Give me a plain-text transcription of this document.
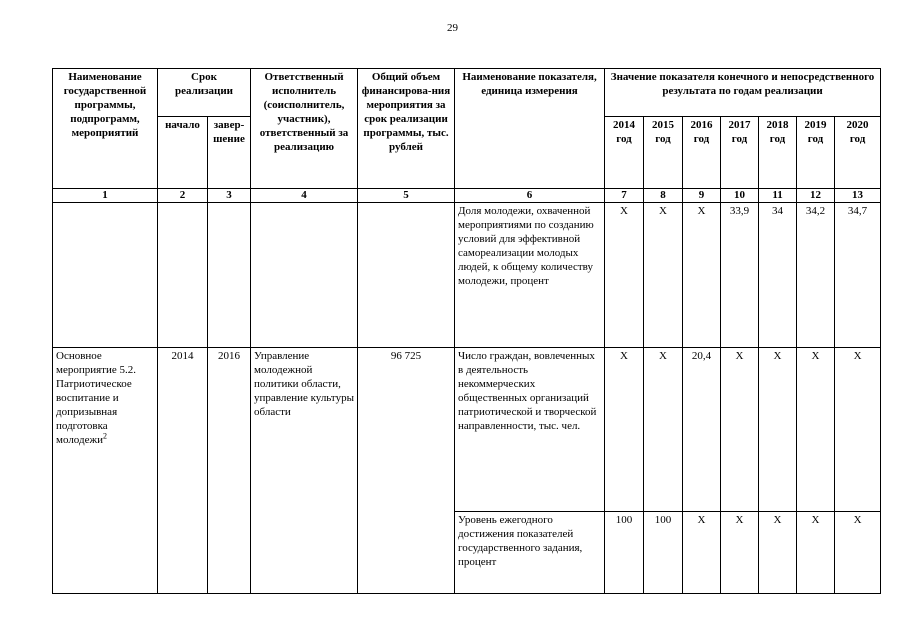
29
Наименование государственной программы, подпрограмм, мероприятий	Срок реализации		Ответственный исполнитель (соисполнитель, участник), ответственный за реализацию	Общий объем финансирова-ния мероприятия за срок реализации программы, тыс. рублей	Наименование показателя, единица измерения	Значение показателя конечного и непосредственного результата по годам реализации						
	начало	завер-шение				2014 год	2015 год	2016 год	2017 год	2018 год	2019 год	2020 год
1	2	3	4	5	6	7	8	9	10	11	12	13
					Доля молодежи, охваченной мероприятиями по созданию условий для эффективной самореализации молодых людей, к общему количеству молодежи, процент	Х	Х	Х	33,9	34	34,2	34,7
Основное мероприятие 5.2. Патриотическое воспитание и допризывная подготовка молодежи$^2$	2014	2016	Управление молодежной политики области, управление культуры области	96 725	Число граждан, вовлеченных в деятельность некоммерческих общественных организаций патриотической и творческой направленности, тыс. чел.	Х	Х	20,4	Х	Х	Х	Х
					Уровень ежегодного достижения показателей государственного задания, процент	100	100	Х	Х	Х	Х	Х
